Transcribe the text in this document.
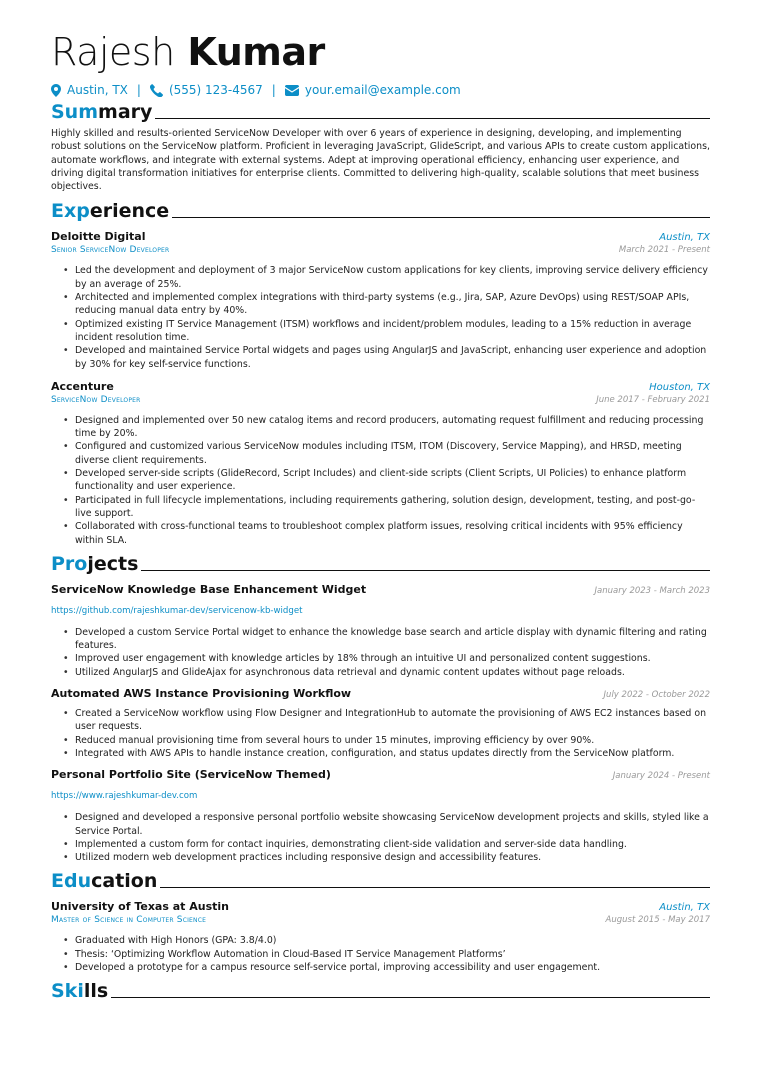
Rajesh Kumar
Austin, TX | (555) 123-4567 | your.email@example.com
Summary

Highly skilled and results-oriented ServiceNow Developer with over 6 years of experience in designing, developing, and implementing robust solutions on the ServiceNow platform. Proficient in leveraging JavaScript, GlideScript, and various APIs to create custom applications, automate workflows, and integrate with external systems. Adept at improving operational efficiency, enhancing user experience, and driving digital transformation initiatives for enterprise clients. Committed to delivering high-quality, scalable solutions that meet business objectives.

Experience
Deloitte Digital	Austin, TX
Senior ServiceNow Developer	March 2021 - Present
• Led the development and deployment of 3 major ServiceNow custom applications for key clients, improving service delivery efficiency by an average of 25%.
• Architected and implemented complex integrations with third-party systems (e.g., Jira, SAP, Azure DevOps) using REST/SOAP APIs, reducing manual data entry by 40%.
• Optimized existing IT Service Management (ITSM) workflows and incident/problem modules, leading to a 15% reduction in average incident resolution time.
• Developed and maintained Service Portal widgets and pages using AngularJS and JavaScript, enhancing user experience and adoption by 30% for key self-service functions.
Accenture	Houston, TX
ServiceNow Developer	June 2017 - February 2021
• Designed and implemented over 50 new catalog items and record producers, automating request fulfillment and reducing processing time by 20%.
• Configured and customized various ServiceNow modules including ITSM, ITOM (Discovery, Service Mapping), and HRSD, meeting diverse client requirements.
• Developed server-side scripts (GlideRecord, Script Includes) and client-side scripts (Client Scripts, UI Policies) to enhance platform functionality and user experience.
• Participated in full lifecycle implementations, including requirements gathering, solution design, development, testing, and post-go-live support.
• Collaborated with cross-functional teams to troubleshoot complex platform issues, resolving critical incidents with 95% efficiency within SLA.
Projects
ServiceNow Knowledge Base Enhancement Widget	January 2023 - March 2023
https://github.com/rajeshkumar-dev/servicenow-kb-widget
• Developed a custom Service Portal widget to enhance the knowledge base search and article display with dynamic filtering and rating features.
• Improved user engagement with knowledge articles by 18% through an intuitive UI and personalized content suggestions.
• Utilized AngularJS and GlideAjax for asynchronous data retrieval and dynamic content updates without page reloads.
Automated AWS Instance Provisioning Workflow	July 2022 - October 2022
• Created a ServiceNow workflow using Flow Designer and IntegrationHub to automate the provisioning of AWS EC2 instances based on user requests.
• Reduced manual provisioning time from several hours to under 15 minutes, improving efficiency by over 90%.
• Integrated with AWS APIs to handle instance creation, configuration, and status updates directly from the ServiceNow platform.
Personal Portfolio Site (ServiceNow Themed)	January 2024 - Present
https://www.rajeshkumar-dev.com
• Designed and developed a responsive personal portfolio website showcasing ServiceNow development projects and skills, styled like a Service Portal.
• Implemented a custom form for contact inquiries, demonstrating client-side validation and server-side data handling.
• Utilized modern web development practices including responsive design and accessibility features.
Education
University of Texas at Austin	Austin, TX
Master of Science in Computer Science	August 2015 - May 2017
• Graduated with High Honors (GPA: 3.8/4.0)
• Thesis: ‘Optimizing Workflow Automation in Cloud-Based IT Service Management Platforms’
• Developed a prototype for a campus resource self-service portal, improving accessibility and user engagement.
Skills
